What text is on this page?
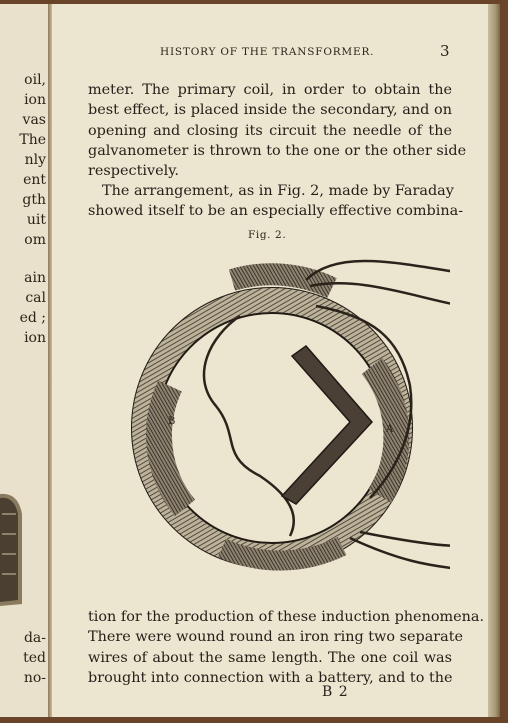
oil,
ion
vas
The
nly
ent
gth
uit
om
ain
cal
ed ;
ion
da-
ted
no-
HISTORY OF THE TRANSFORMER.	3
meter. The primary coil, in order to obtain the
best effect, is placed inside the secondary, and on
opening and closing its circuit the needle of the
galvanometer is thrown to the one or the other side
respectively.
The arrangement, as in Fig. 2, made by Faraday
showed itself to be an especially effective combina-
Fig. 2.
B
A
tion for the production of these induction phenomena.
There were wound round an iron ring two separate
wires of about the same length. The one coil was
brought into connection with a battery, and to the
B 2
